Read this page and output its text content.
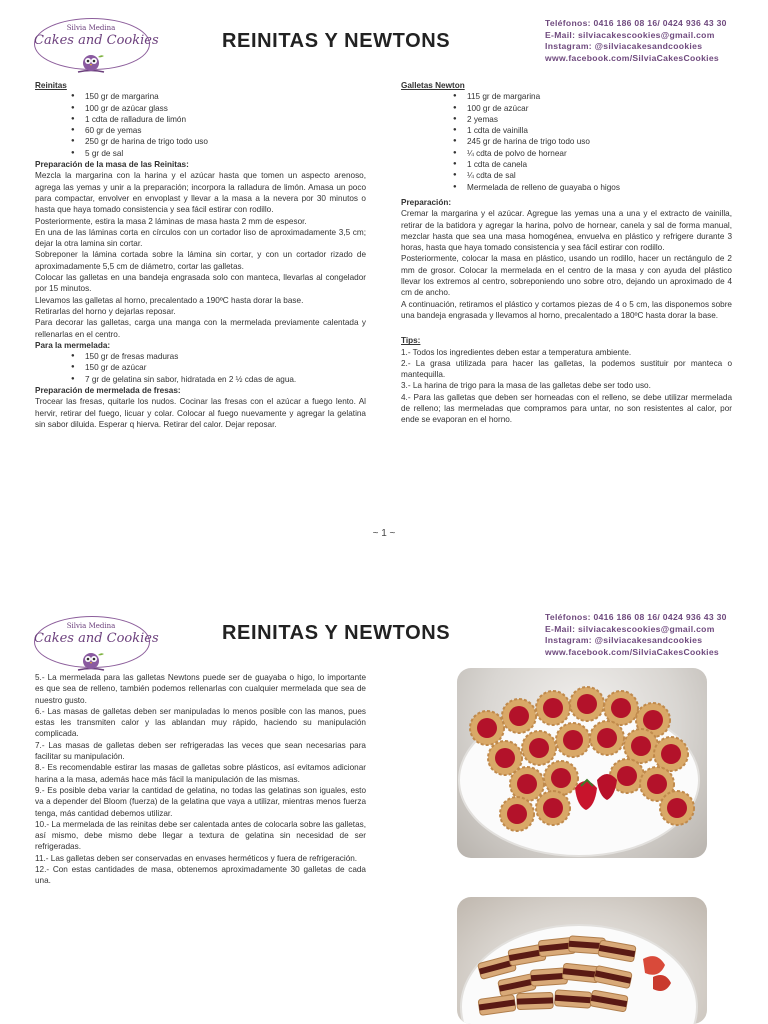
Silvia Medina
Cakes and Cookies	REINITAS Y NEWTONS
Teléfonos: 0416 186 08 16/ 0424 936 43 30
E-Mail: silviacakescookies@gmail.com
Instagram: @silviacakesandcookies
www.facebook.com/SilviaCakesCookies

Reinitas

● 150 gr de margarina
● 100 gr de azúcar glass
● 1 cdta de ralladura de limón
● 60 gr de yemas
● 250 gr de harina de trigo todo uso
● 5 gr de sal

Preparación de la masa de las Reinitas:

Mezcla la margarina con la harina y el azúcar hasta que tomen un aspecto arenoso, agrega las yemas y unir a la preparación; incorpora la ralladura de limón. Amasa un poco para compactar, envolver en envoplast y llevar a la masa a la nevera por 30 minutos o hasta que haya tomado consistencia y sea fácil estirar con rodillo.

Posteriormente, estira la masa 2 láminas de masa hasta 2 mm de espesor.

En una de las láminas corta en círculos con un cortador liso de aproximadamente 3,5 cm; dejar la otra lamina sin cortar.

Sobreponer la lámina cortada sobre la lámina sin cortar, y con un cortador rizado de aproximadamente 5,5 cm de diámetro, cortar las galletas.

Colocar las galletas en una bandeja engrasada solo con manteca, llevarlas al congelador por 15 minutos.

Llevamos las galletas al horno, precalentado a 190ºC hasta dorar la base.

Retirarlas del horno y dejarlas reposar.

Para decorar las galletas, carga una manga con la mermelada previamente calentada y rellenarlas en el centro.

Para la mermelada:

● 150 gr de fresas maduras
● 150 gr de azúcar
● 7 gr de gelatina sin sabor, hidratada en 2 ½ cdas de agua.

Preparación de mermelada de fresas:

Trocear las fresas, quitarle los nudos. Cocinar las fresas con el azúcar a fuego lento. Al hervir, retirar del fuego, licuar y colar. Colocar al fuego nuevamente y agregar la gelatina sin sabor diluida. Esperar q hierva. Retirar del calor. Dejar reposar.

Galletas Newton

● 115 gr de margarina
● 100 gr de azúcar
● 2 yemas
● 1 cdta de vainilla
● 245 gr de harina de trigo todo uso
● ¼ cdta de polvo de hornear
● 1 cdta de canela
● ¼ cdta de sal
● Mermelada de relleno de guayaba o higos

Preparación:

Cremar la margarina y el azúcar. Agregue las yemas una a una y el extracto de vainilla, retirar de la batidora y agregar la harina, polvo de hornear, canela y sal de forma manual, mezclar hasta que sea una masa homogénea, envuelva en plástico y refrigere durante 3 horas, hasta que haya tomado consistencia y sea fácil estirar con rodillo.

Posteriormente, colocar la masa en plástico, usando un rodillo, hacer un rectángulo de 2 mm de grosor. Colocar la mermelada en el centro de la masa y con ayuda del plástico llevar los extremos al centro, sobreponiendo uno sobre otro, dejando un aproximado de 4 cm de ancho.

A continuación, retiramos el plástico y cortamos piezas de 4 o 5 cm, las disponemos sobre una bandeja engrasada y llevamos al horno, precalentado a 180ºC hasta dorar la base.

Tips:

1.- Todos los ingredientes deben estar a temperatura ambiente.

2.- La grasa utilizada para hacer las galletas, la podemos sustituir por manteca o mantequilla.

3.- La harina de trigo para la masa de las galletas debe ser todo uso.

4.- Para las galletas que deben ser horneadas con el relleno, se debe utilizar mermelada de relleno; las mermeladas que compramos para untar, no son resistentes al calor, por ende se evaporan en el horno.

~ 1 ~
Silvia Medina
Cakes and Cookies	REINITAS Y NEWTONS
Teléfonos: 0416 186 08 16/ 0424 936 43 30
E-Mail: silviacakescookies@gmail.com
Instagram: @silviacakesandcookies
www.facebook.com/SilviaCakesCookies

5.- La mermelada para las galletas Newtons puede ser de guayaba o higo, lo importante es que sea de relleno, también podemos rellenarlas con cualquier mermelada que sea de nuestro gusto.

6.- Las masas de galletas deben ser manipuladas lo menos posible con las manos, pues estas les transmiten calor y las ablandan muy rápido, haciendo su manipulación complicada.

7.- Las masas de galletas deben ser refrigeradas las veces que sean necesarias para facilitar su manipulación.

8.- Es recomendable estirar las masas de galletas sobre plásticos, así evitamos adicionar harina a la masa, además hace más fácil la manipulación de las mismas.

9.- Es posible deba variar la cantidad de gelatina, no todas las gelatinas son iguales, esto va a depender del Bloom (fuerza) de la gelatina que vaya a utilizar, mientras menos fuerza tenga, más cantidad debemos utilizar.

10.- La mermelada de las reinitas debe ser calentada antes de colocarla sobre las galletas, así mismo, debe mismo debe llegar a textura de gelatina sin necesidad de ser refrigeradas.

11.- Las galletas deben ser conservadas en envases herméticos y fuera de refrigeración.

12.- Con estas cantidades de masa, obtenemos aproximadamente 30 galletas de cada una.
